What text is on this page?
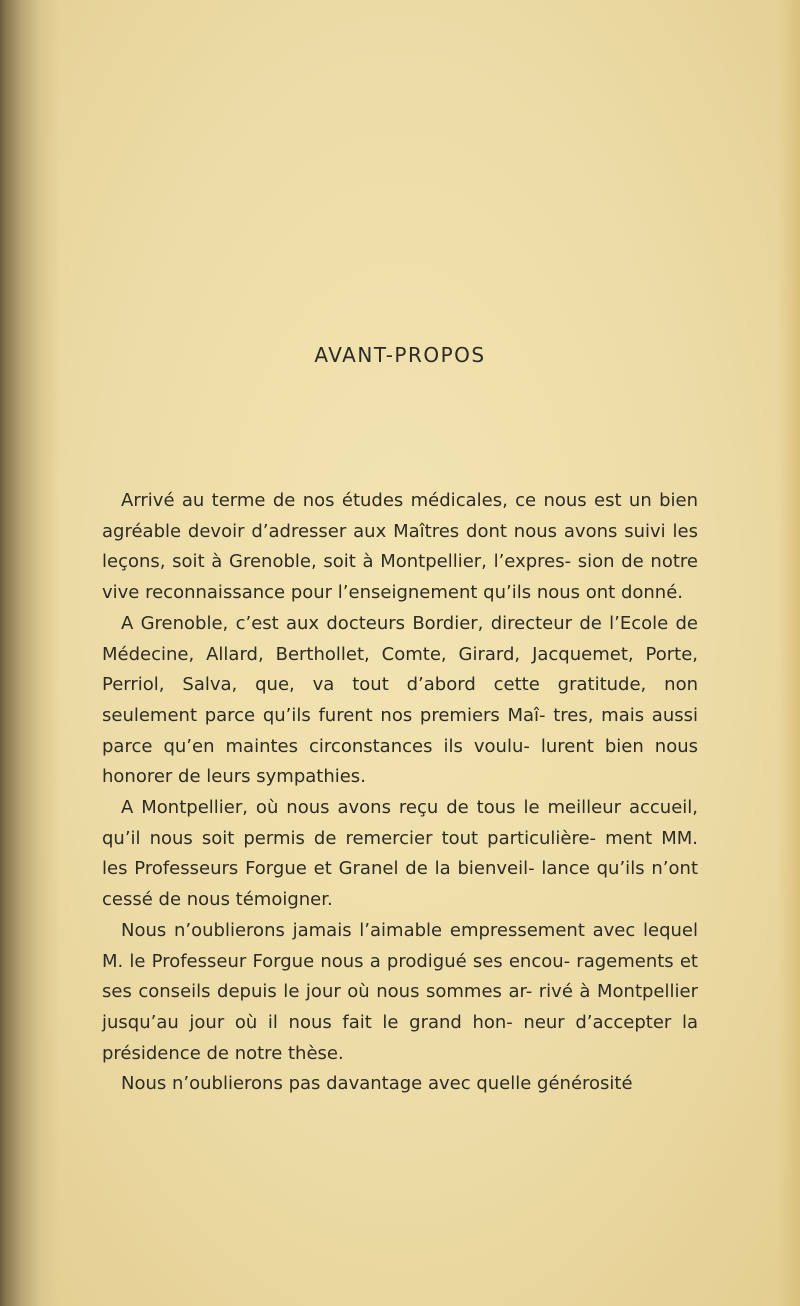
AVANT-PROPOS

Arrivé au terme de nos études médicales, ce nous est un bien agréable devoir d’adresser aux Maîtres dont nous avons suivi les leçons, soit à Grenoble, soit à Montpellier, l’expres- sion de notre vive reconnaissance pour l’enseignement qu’ils nous ont donné.

A Grenoble, c’est aux docteurs Bordier, directeur de l’Ecole de Médecine, Allard, Berthollet, Comte, Girard, Jacquemet, Porte, Perriol, Salva, que, va tout d’abord cette gratitude, non seulement parce qu’ils furent nos premiers Maî- tres, mais aussi parce qu’en maintes circonstances ils voulu- lurent bien nous honorer de leurs sympathies.

A Montpellier, où nous avons reçu de tous le meilleur accueil, qu’il nous soit permis de remercier tout particulière- ment MM. les Professeurs Forgue et Granel de la bienveil- lance qu’ils n’ont cessé de nous témoigner.

Nous n’oublierons jamais l’aimable empressement avec lequel M. le Professeur Forgue nous a prodigué ses encou- ragements et ses conseils depuis le jour où nous sommes ar- rivé à Montpellier jusqu’au jour où il nous fait le grand hon- neur d’accepter la présidence de notre thèse.

Nous n’oublierons pas davantage avec quelle générosité
